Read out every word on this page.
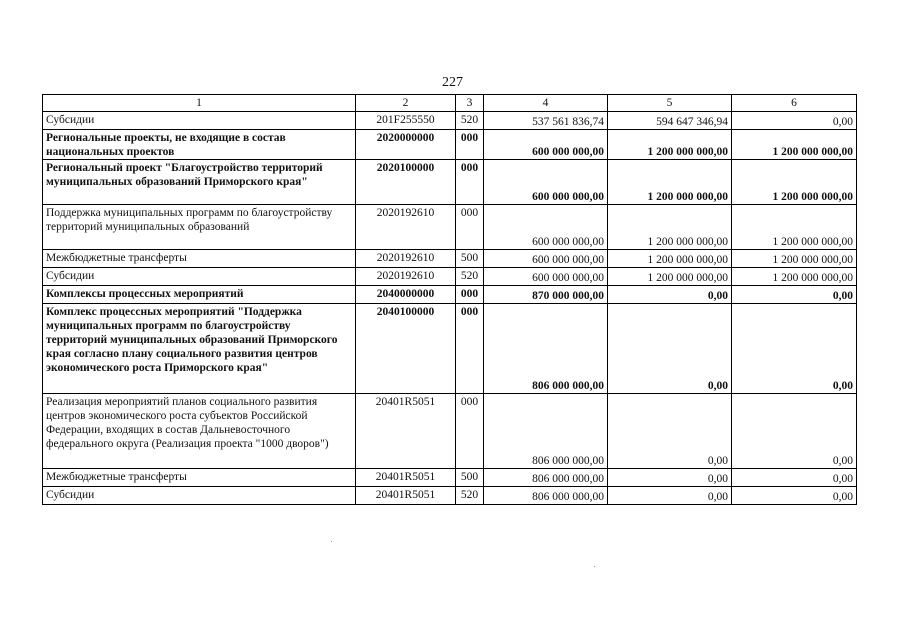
227
1	2	3	4	5	6
Субсидии	201F255550	520	537 561 836,74	594 647 346,94	0,00
Региональные проекты, не входящие в состав национальных проектов	2020000000	000	600 000 000,00	1 200 000 000,00	1 200 000 000,00
Региональный проект "Благоустройство территорий муниципальных образований Приморского края"	2020100000	000	600 000 000,00	1 200 000 000,00	1 200 000 000,00
Поддержка муниципальных программ по благоустройству территорий муниципальных образований	2020192610	000	600 000 000,00	1 200 000 000,00	1 200 000 000,00
Межбюджетные трансферты	2020192610	500	600 000 000,00	1 200 000 000,00	1 200 000 000,00
Субсидии	2020192610	520	600 000 000,00	1 200 000 000,00	1 200 000 000,00
Комплексы процессных мероприятий	2040000000	000	870 000 000,00	0,00	0,00
Комплекс процессных мероприятий "Поддержка муниципальных программ по благоустройству территорий муниципальных образований Приморского края согласно плану социального развития центров экономического роста Приморского края"	2040100000	000	806 000 000,00	0,00	0,00
Реализация мероприятий планов социального развития центров экономического роста субъектов Российской Федерации, входящих в состав Дальневосточного федерального округа (Реализация проекта "1000 дворов")	20401R5051	000	806 000 000,00	0,00	0,00
Межбюджетные трансферты	20401R5051	500	806 000 000,00	0,00	0,00
Субсидии	20401R5051	520	806 000 000,00	0,00	0,00
